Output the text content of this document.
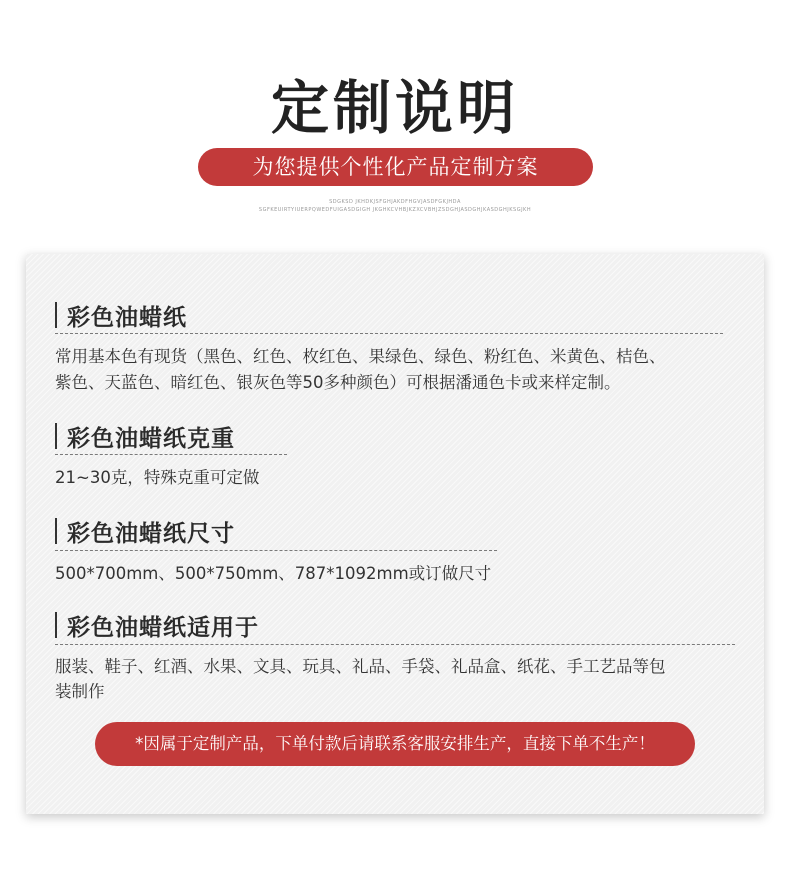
定制说明
为您提供个性化产品定制方案
SDGKSD JKHDKJSFGHJAKDFHGVJASDFGKJHDA
SGFKEUIRTYIUERPQWEDFUIGASDGIGH JKGHKCVHBJKZXCVBHJZSDGHJASDGHJKASDGHJKSGJKH
彩色油蜡纸
常用基本色有现货（黑色、红色、枚红色、果绿色、绿色、粉红色、米黄色、桔色、
紫色、天蓝色、暗红色、银灰色等50多种颜色）可根据潘通色卡或来样定制。
彩色油蜡纸克重
21~30克，特殊克重可定做
彩色油蜡纸尺寸
500*700mm、500*750mm、787*1092mm或订做尺寸
彩色油蜡纸适用于
服装、鞋子、红酒、水果、文具、玩具、礼品、手袋、礼品盒、纸花、手工艺品等包
装制作
*因属于定制产品，下单付款后请联系客服安排生产，直接下单不生产！
